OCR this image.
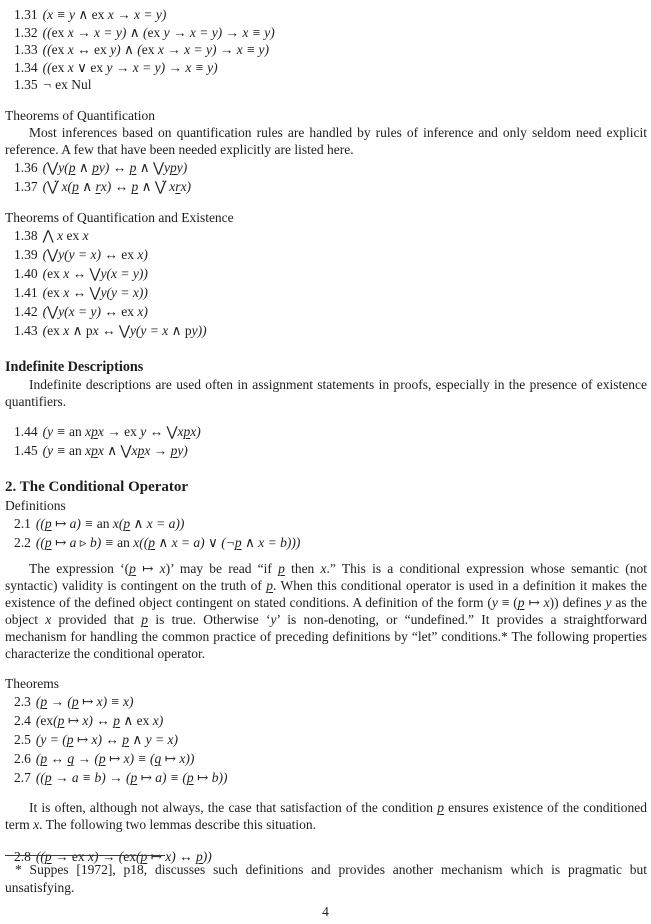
1.31 (x ≡ y ∧ ex x → x = y)
1.32 ((ex x → x = y) ∧ (ex y → x = y) → x ≡ y)
1.33 ((ex x ↔ ex y) ∧ (ex x → x = y) → x ≡ y)
1.34 ((ex x ∨ ex y → x = y) → x ≡ y)
1.35 ¬ ex Nul
Theorems of Quantification

Most inferences based on quantification rules are handled by rules of inference and only seldom need explicit reference. A few that have been needed explicitly are listed here.

1.36 (⋁y(p ∧ py) ↔ p ∧ ⋁ypy)
1.37 (⋁̈ x(p ∧ rx) ↔ p ∧ ⋁̈ xrx)
Theorems of Quantification and Existence
1.38 ⋀ x ex x
1.39 (⋁y(y = x) ↔ ex x)
1.40 (ex x ↔ ⋁y(x = y))
1.41 (ex x ↔ ⋁y(y = x))
1.42 (⋁y(x = y) ↔ ex x)
1.43 (ex x ∧ px ↔ ⋁y(y = x ∧ py))
Indefinite Descriptions

Indefinite descriptions are used often in assignment statements in proofs, especially in the presence of existence quantifiers.

1.44 (y ≡ an xpx → ex y ↔ ⋁xpx)
1.45 (y ≡ an xpx ∧ ⋁xpx → py)
2. The Conditional Operator
Definitions
2.1 ((p ↦ a) ≡ an x(p ∧ x = a))
2.2 ((p ↦ a ▹ b) ≡ an x((p ∧ x = a) ∨ (¬p ∧ x = b)))

The expression ‘(p ↦ x)’ may be read “if p then x.” This is a conditional expression whose semantic (not syntactic) validity is contingent on the truth of p. When this conditional operator is used in a definition it makes the existence of the defined object contingent on stated conditions. A definition of the form (y ≡ (p ↦ x)) defines y as the object x provided that p is true. Otherwise ‘y’ is non-denoting, or “undefined.” It provides a straightforward mechanism for handling the common practice of preceding definitions by “let” conditions.* The following properties characterize the conditional operator.

Theorems
2.3 (p → (p ↦ x) ≡ x)
2.4 (ex(p ↦ x) ↔ p ∧ ex x)
2.5 (y = (p ↦ x) ↔ p ∧ y = x)
2.6 (p ↔ q → (p ↦ x) ≡ (q ↦ x))
2.7 ((p → a ≡ b) → (p ↦ a) ≡ (p ↦ b))

It is often, although not always, the case that satisfaction of the condition p ensures existence of the conditioned term x. The following two lemmas describe this situation.

2.8 ((p → ex x) → (ex(p ↦ x) ↔ p))

* Suppes [1972], p18, discusses such definitions and provides another mechanism which is pragmatic but unsatisfying.

4
